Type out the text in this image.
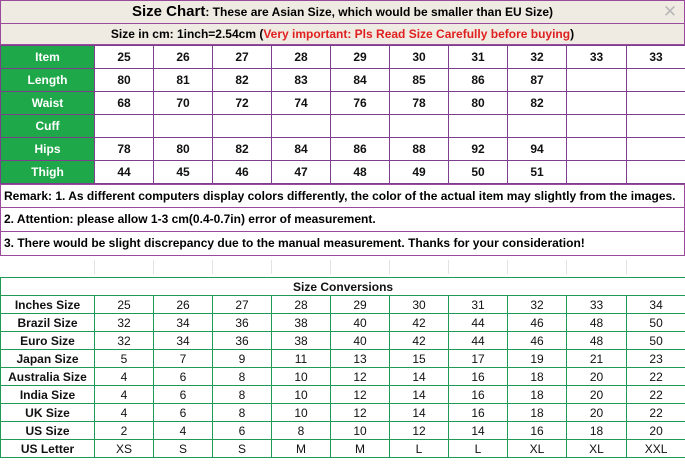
Size Chart: These are Asian Size, which would be smaller than EU Size)	✕
Size in cm: 1inch=2.54cm (Very important: Pls Read Size Carefully before buying)
Item	25	26	27	28	29	30	31	32	33	33
Length	80	81	82	83	84	85	86	87		
Waist	68	70	72	74	76	78	80	82		
Cuff										
Hips	78	80	82	84	86	88	92	94		
Thigh	44	45	46	47	48	49	50	51		
Remark: 1. As different computers display colors differently, the color of the actual item may slightly from the images.
2. Attention: please allow 1-3 cm(0.4-0.7in) error of measurement.
3. There would be slight discrepancy due to the manual measurement. Thanks for your consideration!
Size Conversions										
Inches Size	25	26	27	28	29	30	31	32	33	34
Brazil Size	32	34	36	38	40	42	44	46	48	50
Euro Size	32	34	36	38	40	42	44	46	48	50
Japan Size	5	7	9	11	13	15	17	19	21	23
Australia Size	4	6	8	10	12	14	16	18	20	22
India Size	4	6	8	10	12	14	16	18	20	22
UK Size	4	6	8	10	12	14	16	18	20	22
US Size	2	4	6	8	10	12	14	16	18	20
US Letter	XS	S	S	M	M	L	L	XL	XL	XXL
